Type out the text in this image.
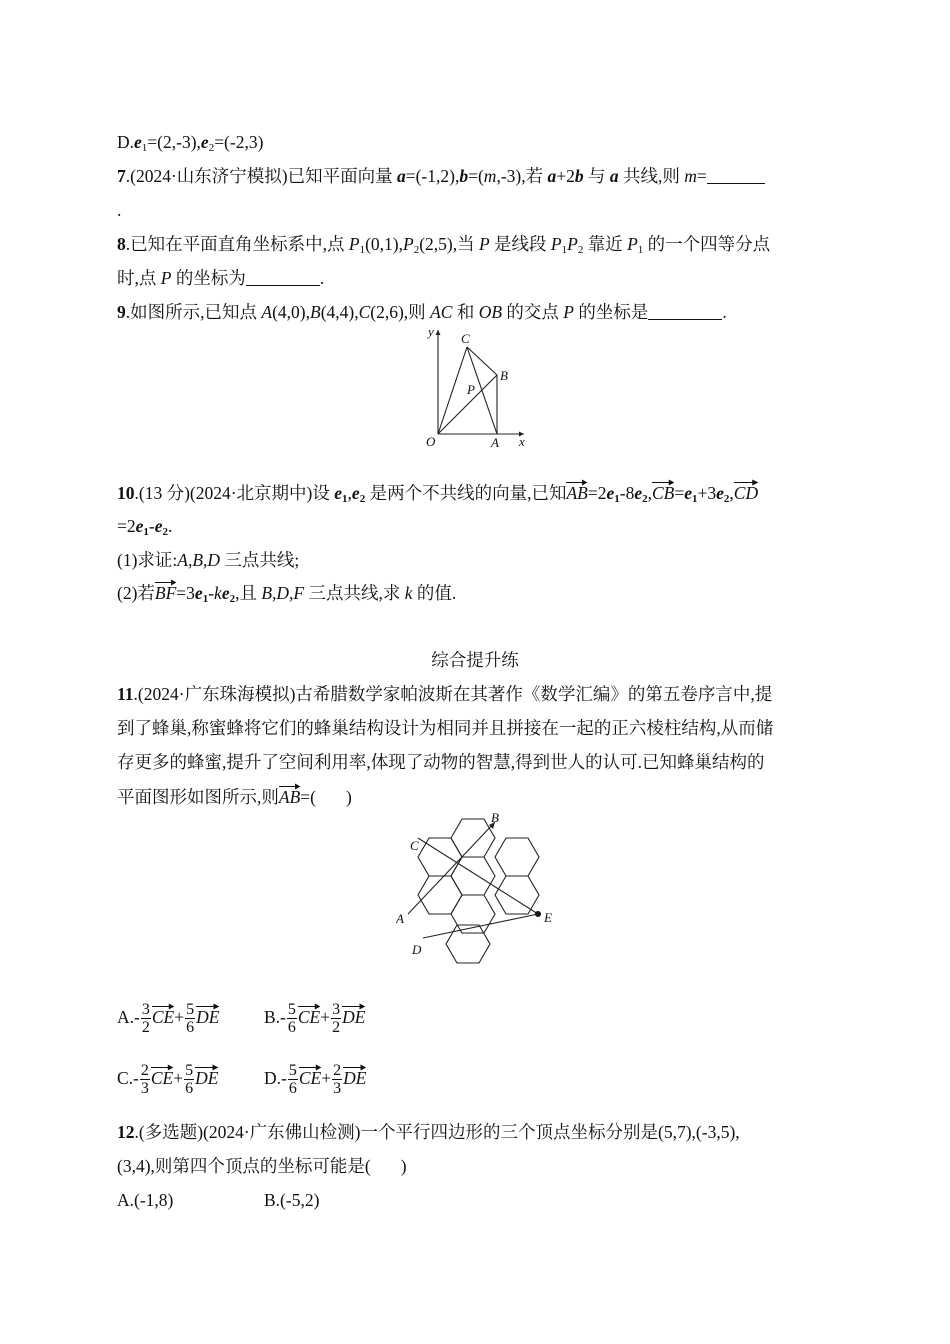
$D.e_1=(2,-3),e_2=(-2,3)$
7.(2024·山东济宁模拟)已知平面向量 a=(-1,2),b=(m,-3),若 a+2b 与 a 共线,则 m=
.
8.已知在平面直角坐标系中,点 $P_1(0,1),P_2(2,5)$,当 P 是线段 $P_1P_2$ 靠近 $P_1$ 的一个四等分点
时,点 P 的坐标为	.
9.如图所示,已知点 A(4,0),B(4,4),C(2,6),则 AC 和 OB 的交点 P 的坐标是	.
y
x
O	A
B
C
P
10.(13 分)(2024·北京期中)设 $e_1,e_2$ 是两个不共线的向量,已知
$AB=2e_1-8e_2$,
$CB=e_1+3e_2$,
CD
$=2e_1-e_2$.
(1)求证:A,B,D 三点共线;
(2)若
$BF=3e_1-ke_2$,且 B,D,F 三点共线,求 k 的值.
综合提升练
11.(2024·广东珠海模拟)古希腊数学家帕波斯在其著作《数学汇编》的第五卷序言中,提
到了蜂巢,称蜜蜂将它们的蜂巢结构设计为相同并且拼接在一起的正六棱柱结构,从而储
存更多的蜂蜜,提升了空间利用率,体现了动物的智慧,得到世人的认可.已知蜂巢结构的
平面图形如图所示,则
AB=( )
B
C
A	E
D
$A.- \frac{3}{2} CE+ \frac{5}{6}$ DE	$B.- \frac{5}{6} CE+ \frac{3}{2}$ DE
$C.- \frac{2}{3} CE+ \frac{5}{6}$ DE	$D.- \frac{5}{6} CE+ \frac{2}{3}$ DE
12.(多选题)(2024·广东佛山检测)一个平行四边形的三个顶点坐标分别是(5,7),(-3,5),
(3,4),则第四个顶点的坐标可能是( )
A.(-1,8)	B.(-5,2)
